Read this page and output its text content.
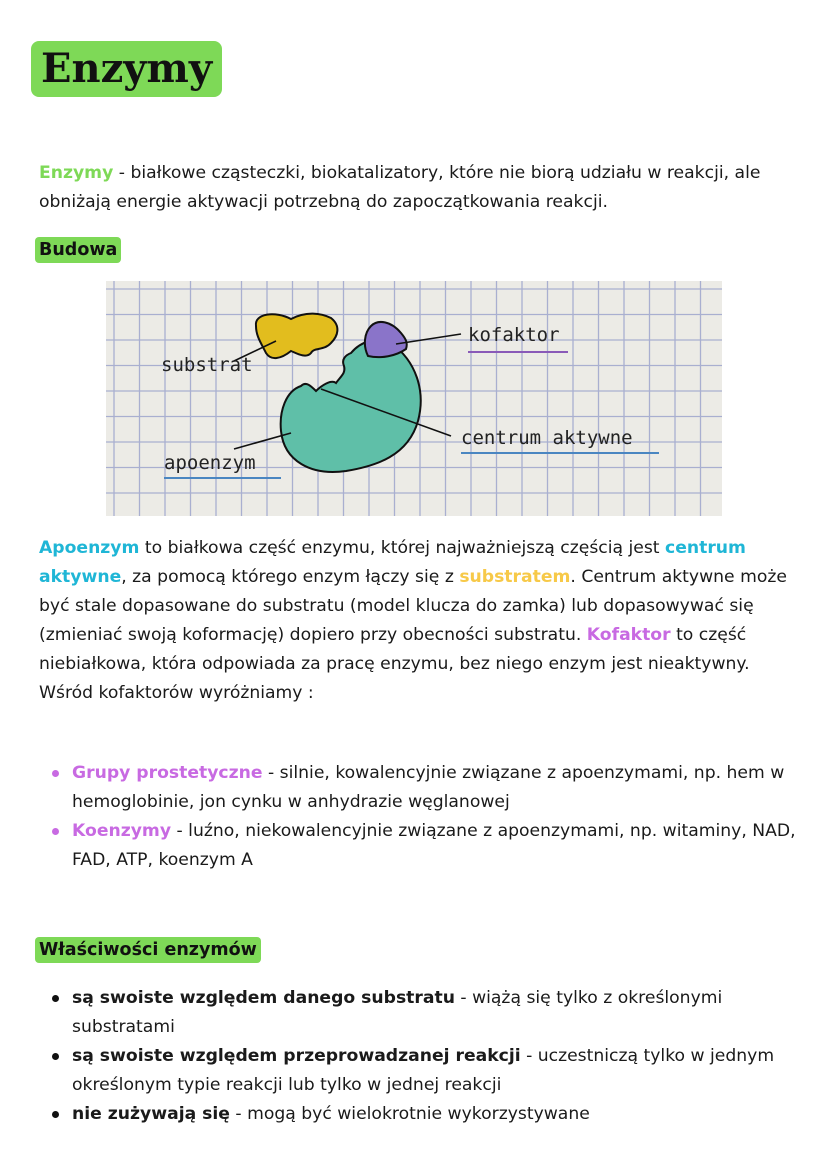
Enzymy
Enzymy - białkowe cząsteczki, biokatalizatory, które nie biorą udziału w reakcji, ale obniżają energie aktywacji potrzebną do zapoczątkowania reakcji.
Budowa
substrat
kofaktor
centrum aktywne
apoenzym
Apoenzym to białkowa część enzymu, której najważniejszą częścią jest centrum aktywne, za pomocą którego enzym łączy się z substratem. Centrum aktywne może być stale dopasowane do substratu (model klucza do zamka) lub dopasowywać się (zmieniać swoją koformację) dopiero przy obecności substratu. Kofaktor to część niebiałkowa, która odpowiada za pracę enzymu, bez niego enzym jest nieaktywny. Wśród kofaktorów wyróżniamy :
Grupy prostetyczne - silnie, kowalencyjnie związane z apoenzymami, np. hem w hemoglobinie, jon cynku w anhydrazie węglanowej
Koenzymy - luźno, niekowalencyjnie związane z apoenzymami, np. witaminy, NAD, FAD, ATP, koenzym A
Właściwości enzymów
są swoiste względem danego substratu - wiążą się tylko z określonymi substratami
są swoiste względem przeprowadzanej reakcji - uczestniczą tylko w jednym określonym typie reakcji lub tylko w jednej reakcji
nie zużywają się - mogą być wielokrotnie wykorzystywane
